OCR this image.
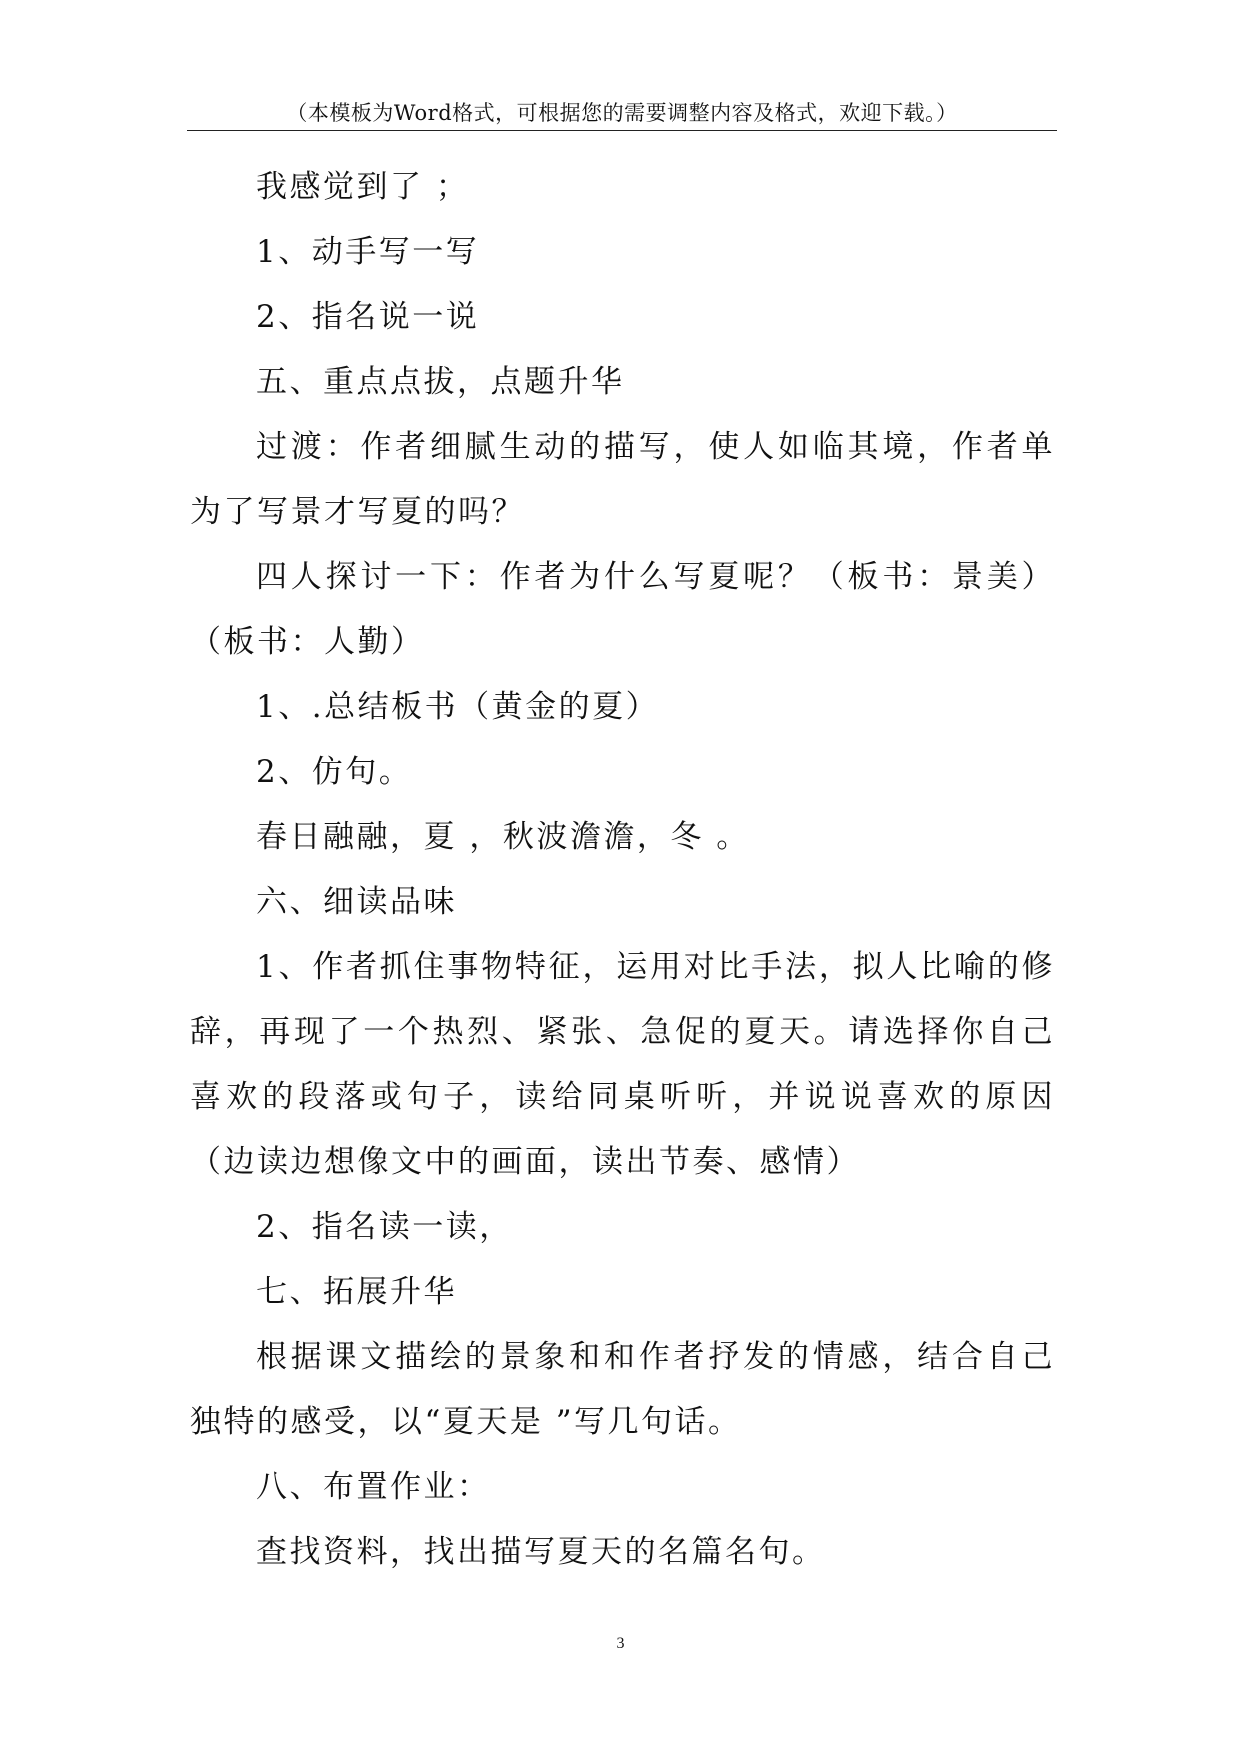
（本模板为Word格式，可根据您的需要调整内容及格式，欢迎下载。）

我感觉到了 ；

1、动手写一写

2、指名说一说

五、重点点拔，点题升华

过渡：作者细腻生动的描写，使人如临其境，作者单为了写景才写夏的吗？

四人探讨一下：作者为什么写夏呢？（板书：景美）（板书：人勤）

1、.总结板书（黄金的夏）

2、仿句。

春日融融，夏 ，秋波澹澹，冬 。

六、细读品味

1、作者抓住事物特征，运用对比手法，拟人比喻的修辞，再现了一个热烈、紧张、急促的夏天。请选择你自己喜欢的段落或句子，读给同桌听听，并说说喜欢的原因（边读边想像文中的画面，读出节奏、感情）

2、指名读一读，

七、拓展升华

根据课文描绘的景象和和作者抒发的情感，结合自己独特的感受，以“夏天是 ”写几句话。

八、布置作业：

查找资料，找出描写夏天的名篇名句。

3
